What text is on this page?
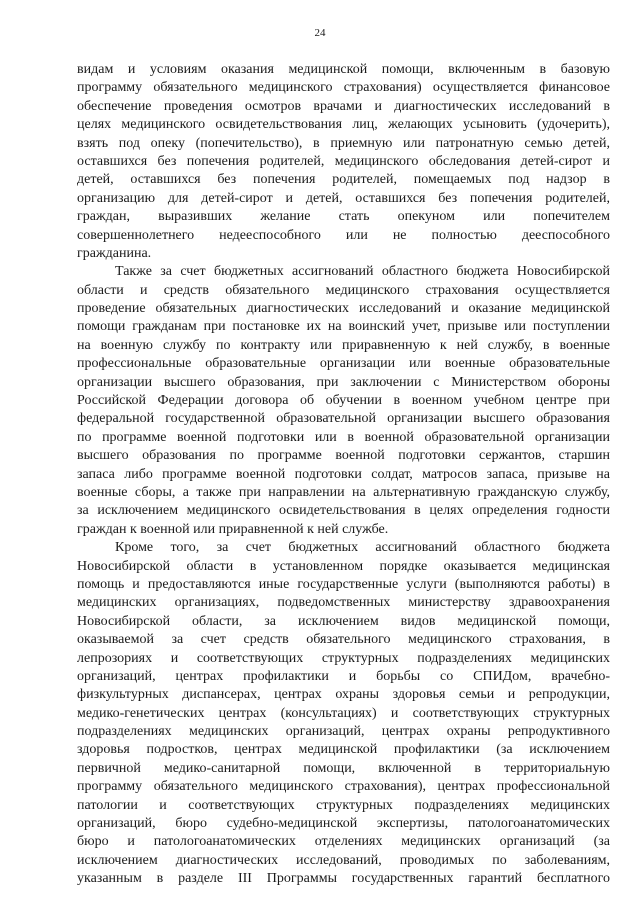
24
видам и условиям оказания медицинской помощи, включенным в базовую
программу обязательного медицинского страхования) осуществляется финансовое
обеспечение проведения осмотров врачами и диагностических исследований в
целях медицинского освидетельствования лиц, желающих усыновить (удочерить),
взять под опеку (попечительство), в приемную или патронатную семью детей,
оставшихся без попечения родителей, медицинского обследования детей-сирот и
детей, оставшихся без попечения родителей, помещаемых под надзор в
организацию для детей-сирот и детей, оставшихся без попечения родителей,
граждан, выразивших желание стать опекуном или попечителем
совершеннолетнего недееспособного или не полностью дееспособного
гражданина.
Также за счет бюджетных ассигнований областного бюджета Новосибирской
области и средств обязательного медицинского страхования осуществляется
проведение обязательных диагностических исследований и оказание медицинской
помощи гражданам при постановке их на воинский учет, призыве или поступлении
на военную службу по контракту или приравненную к ней службу, в военные
профессиональные образовательные организации или военные образовательные
организации высшего образования, при заключении с Министерством обороны
Российской Федерации договора об обучении в военном учебном центре при
федеральной государственной образовательной организации высшего образования
по программе военной подготовки или в военной образовательной организации
высшего образования по программе военной подготовки сержантов, старшин
запаса либо программе военной подготовки солдат, матросов запаса, призыве на
военные сборы, а также при направлении на альтернативную гражданскую службу,
за исключением медицинского освидетельствования в целях определения годности
граждан к военной или приравненной к ней службе.
Кроме того, за счет бюджетных ассигнований областного бюджета
Новосибирской области в установленном порядке оказывается медицинская
помощь и предоставляются иные государственные услуги (выполняются работы) в
медицинских организациях, подведомственных министерству здравоохранения
Новосибирской области, за исключением видов медицинской помощи,
оказываемой за счет средств обязательного медицинского страхования, в
лепрозориях и соответствующих структурных подразделениях медицинских
организаций, центрах профилактики и борьбы со СПИДом, врачебно-
физкультурных диспансерах, центрах охраны здоровья семьи и репродукции,
медико-генетических центрах (консультациях) и соответствующих структурных
подразделениях медицинских организаций, центрах охраны репродуктивного
здоровья подростков, центрах медицинской профилактики (за исключением
первичной медико-санитарной помощи, включенной в территориальную
программу обязательного медицинского страхования), центрах профессиональной
патологии и соответствующих структурных подразделениях медицинских
организаций, бюро судебно-медицинской экспертизы, патологоанатомических
бюро и патологоанатомических отделениях медицинских организаций (за
исключением диагностических исследований, проводимых по заболеваниям,
указанным в разделе III Программы государственных гарантий бесплатного
